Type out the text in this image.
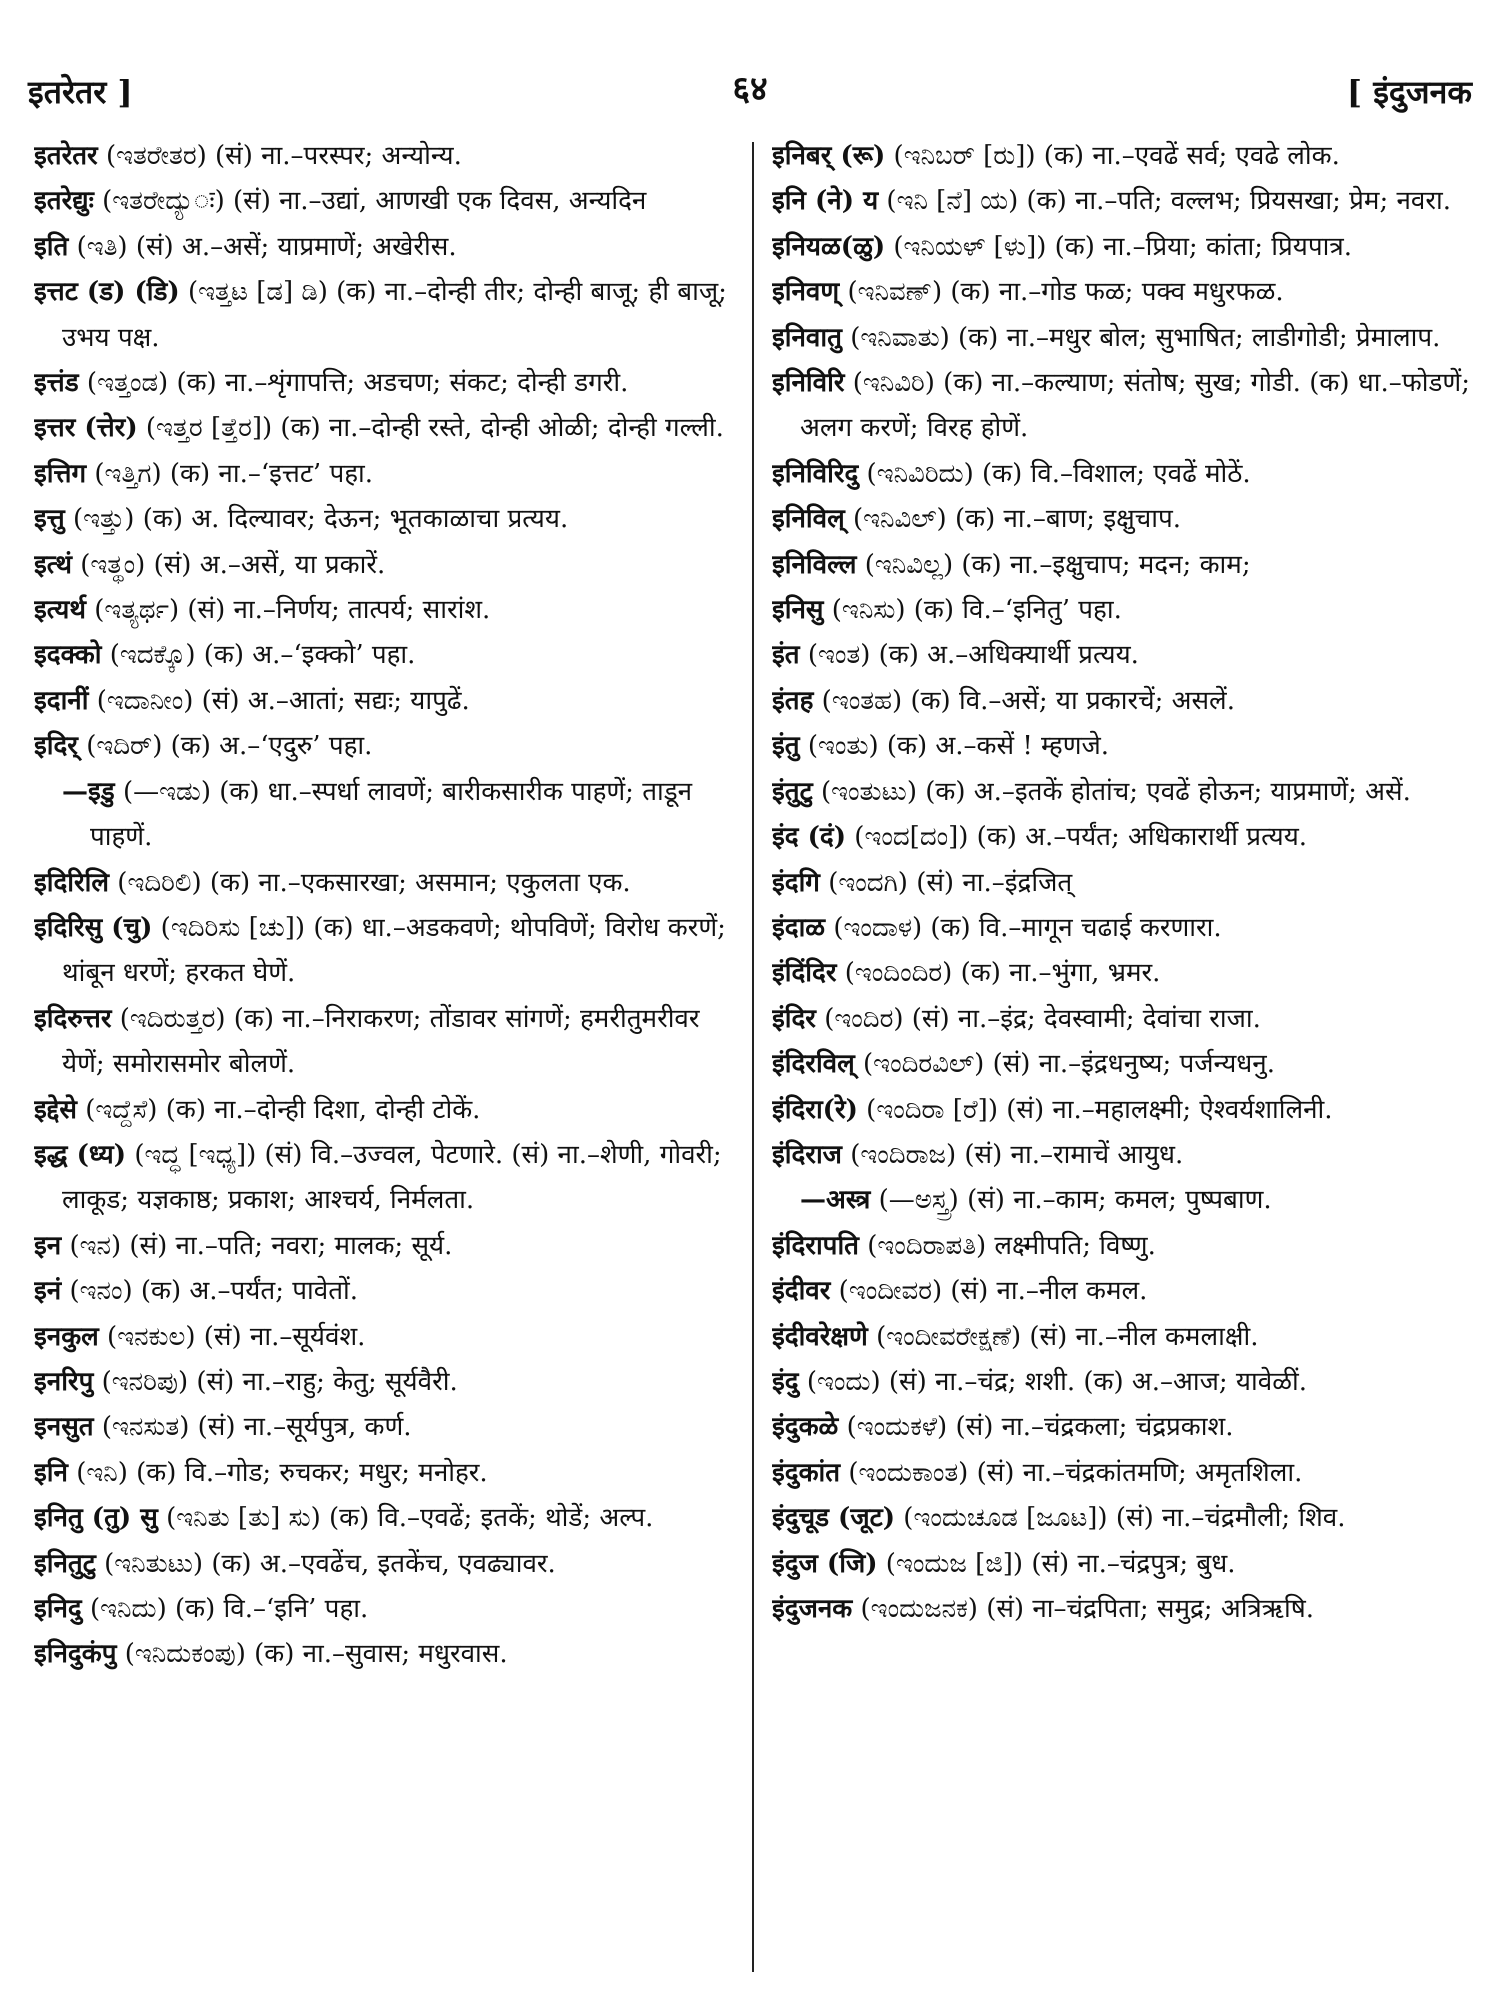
इतरेतर ]	६४	[ इंदुजनक

इतरेतर (ಇತರೇತರ) (सं) ना.–परस्पर; अन्योन्य.

इतरेद्युः (ಇತರೇದ್ಯುः) (सं) ना.–उद्यां, आणखी एक दिवस, अन्यदिन

इति (ಇತಿ) (सं) अ.–असें; याप्रमाणें; अखेरीस.

इत्तट (ड) (डि) (ಇತ್ತಟ [ಡ] ಡಿ) (क) ना.–दोन्ही तीर; दोन्ही बाजू; ही बाजू; उभय पक्ष.

इत्तंड (ಇತ್ತಂಡ) (क) ना.–शृंगापत्ति; अडचण; संकट; दोन्ही डगरी.

इत्तर (त्तेर) (ಇತ್ತರ [ತ್ತೆರ]) (क) ना.–दोन्ही रस्ते, दोन्ही ओळी; दोन्ही गल्ली.

इत्तिग (ಇತ್ತಿಗ) (क) ना.–‘इत्तट’ पहा.

इत्तु (ಇತ್ತು) (क) अ. दिल्यावर; देऊन; भूतकाळाचा प्रत्यय.

इत्थं (ಇತ್ಥಂ) (सं) अ.–असें, या प्रकारें.

इत्यर्थ (ಇತ್ಯರ್ಥ) (सं) ना.–निर्णय; तात्पर्य; सारांश.

इदक्को (ಇದಕ್ಕೊ) (क) अ.–‘इक्को’ पहा.

इदानीं (ಇದಾನೀಂ) (सं) अ.–आतां; सद्यः; यापुढें.

इदिर् (ಇದಿರ್) (क) अ.–‘एदुरु’ पहा.

—इडु (—ಇಡು) (क) धा.–स्पर्धा लावणें; बारीकसारीक पाहणें; ताडून पाहणें.

इदिरिलि (ಇದಿರಿಲಿ) (क) ना.–एकसारखा; असमान; एकुलता एक.

इदिरिसु (चु) (ಇದಿರಿಸು [ಚು]) (क) धा.–अडकवणे; थोपविणें; विरोध करणें; थांबून धरणें; हरकत घेणें.

इदिरुत्तर (ಇದಿರುತ್ತರ) (क) ना.–निराकरण; तोंडावर सांगणें; हमरीतुमरीवर येणें; समोरासमोर बोलणें.

इद्देसे (ಇದ್ದೆಸೆ) (क) ना.–दोन्ही दिशा, दोन्ही टोकें.

इद्ध (ध्य) (ಇದ್ಧ [ಇಧ್ಯ]) (सं) वि.–उज्वल, पेटणारे. (सं) ना.–शेणी, गोवरी; लाकूड; यज्ञकाष्ठ; प्रकाश; आश्चर्य, निर्मलता.

इन (ಇನ) (सं) ना.–पति; नवरा; मालक; सूर्य.

इनं (ಇನಂ) (क) अ.–पर्यंत; पावेतों.

इनकुल (ಇನಕುಲ) (सं) ना.–सूर्यवंश.

इनरिपु (ಇನರಿಪು) (सं) ना.–राहु; केतु; सूर्यवैरी.

इनसुत (ಇನಸುತ) (सं) ना.–सूर्यपुत्र, कर्ण.

इनि (ಇನಿ) (क) वि.–गोड; रुचकर; मधुर; मनोहर.

इनितु (तु) सु (ಇನಿತು [ತು] ಸು) (क) वि.–एवढें; इतकें; थोडें; अल्प.

इनितुटु (ಇನಿತುಟು) (क) अ.–एवढेंच, इतकेंच, एवढ्यावर.

इनिदु (ಇನಿದು) (क) वि.–‘इनि’ पहा.

इनिदुकंपु (ಇನಿದುಕಂಪು) (क) ना.–सुवास; मधुरवास.

इनिबर् (रू) (ಇನಿಬರ್ [ರು]) (क) ना.–एवढें सर्व; एवढे लोक.

इनि (ने) य (ಇನಿ [ನೆ] ಯ) (क) ना.–पति; वल्लभ; प्रियसखा; प्रेम; नवरा.

इनियळ(ळु) (ಇನಿಯಳ್ [ಳು]) (क) ना.–प्रिया; कांता; प्रियपात्र.

इनिवण् (ಇನಿವಣ್) (क) ना.–गोड फळ; पक्व मधुरफळ.

इनिवातु (ಇನಿವಾತು) (क) ना.–मधुर बोल; सुभाषित; लाडीगोडी; प्रेमालाप.

इनिविरि (ಇನಿವಿರಿ) (क) ना.–कल्याण; संतोष; सुख; गोडी. (क) धा.–फोडणें; अलग करणें; विरह होणें.

इनिविरिदु (ಇನಿವಿರಿದು) (क) वि.–विशाल; एवढें मोठें.

इनिविल् (ಇನಿವಿಲ್) (क) ना.–बाण; इक्षुचाप.

इनिविल्ल (ಇನಿವಿಲ್ಲ) (क) ना.–इक्षुचाप; मदन; काम;

इनिसु (ಇನಿಸು) (क) वि.–‘इनितु’ पहा.

इंत (ಇಂತ) (क) अ.–अधिक्यार्थी प्रत्यय.

इंतह (ಇಂತಹ) (क) वि.–असें; या प्रकारचें; असलें.

इंतु (ಇಂತು) (क) अ.–कसें ! म्हणजे.

इंतुटु (ಇಂತುಟು) (क) अ.–इतकें होतांच; एवढें होऊन; याप्रमाणें; असें.

इंद (दं) (ಇಂದ[ದಂ]) (क) अ.–पर्यंत; अधिकारार्थी प्रत्यय.

इंदगि (ಇಂದಗಿ) (सं) ना.–इंद्रजित्

इंदाळ (ಇಂದಾಳ) (क) वि.–मागून चढाई करणारा.

इंदिंदिर (ಇಂದಿಂದಿರ) (क) ना.–भुंगा, भ्रमर.

इंदिर (ಇಂದಿರ) (सं) ना.–इंद्र; देवस्वामी; देवांचा राजा.

इंदिरविल् (ಇಂದಿರವಿಲ್) (सं) ना.–इंद्रधनुष्य; पर्जन्यधनु.

इंदिरा(रे) (ಇಂದಿರಾ [ರೆ]) (सं) ना.–महालक्ष्मी; ऐश्वर्यशालिनी.

इंदिराज (ಇಂದಿರಾಜ) (सं) ना.–रामाचें आयुध.

—अस्त्र (—ಅಸ್ತ್ರ) (सं) ना.–काम; कमल; पुष्पबाण.

इंदिरापति (ಇಂದಿರಾಪತಿ) लक्ष्मीपति; विष्णु.

इंदीवर (ಇಂದೀವರ) (सं) ना.–नील कमल.

इंदीवरेक्षणे (ಇಂದೀವರೇಕ್ಷಣೆ) (सं) ना.–नील कमलाक्षी.

इंदु (ಇಂದು) (सं) ना.–चंद्र; शशी. (क) अ.–आज; यावेळीं.

इंदुकळे (ಇಂದುಕಳೆ) (सं) ना.–चंद्रकला; चंद्रप्रकाश.

इंदुकांत (ಇಂದುಕಾಂತ) (सं) ना.–चंद्रकांतमणि; अमृतशिला.

इंदुचूड (जूट) (ಇಂದುಚೂಡ [ಜೂಟ]) (सं) ना.–चंद्रमौली; शिव.

इंदुज (जि) (ಇಂದುಜ [ಜಿ]) (सं) ना.–चंद्रपुत्र; बुध.

इंदुजनक (ಇಂದುಜನಕ) (सं) ना–चंद्रपिता; समुद्र; अत्रिऋषि.
